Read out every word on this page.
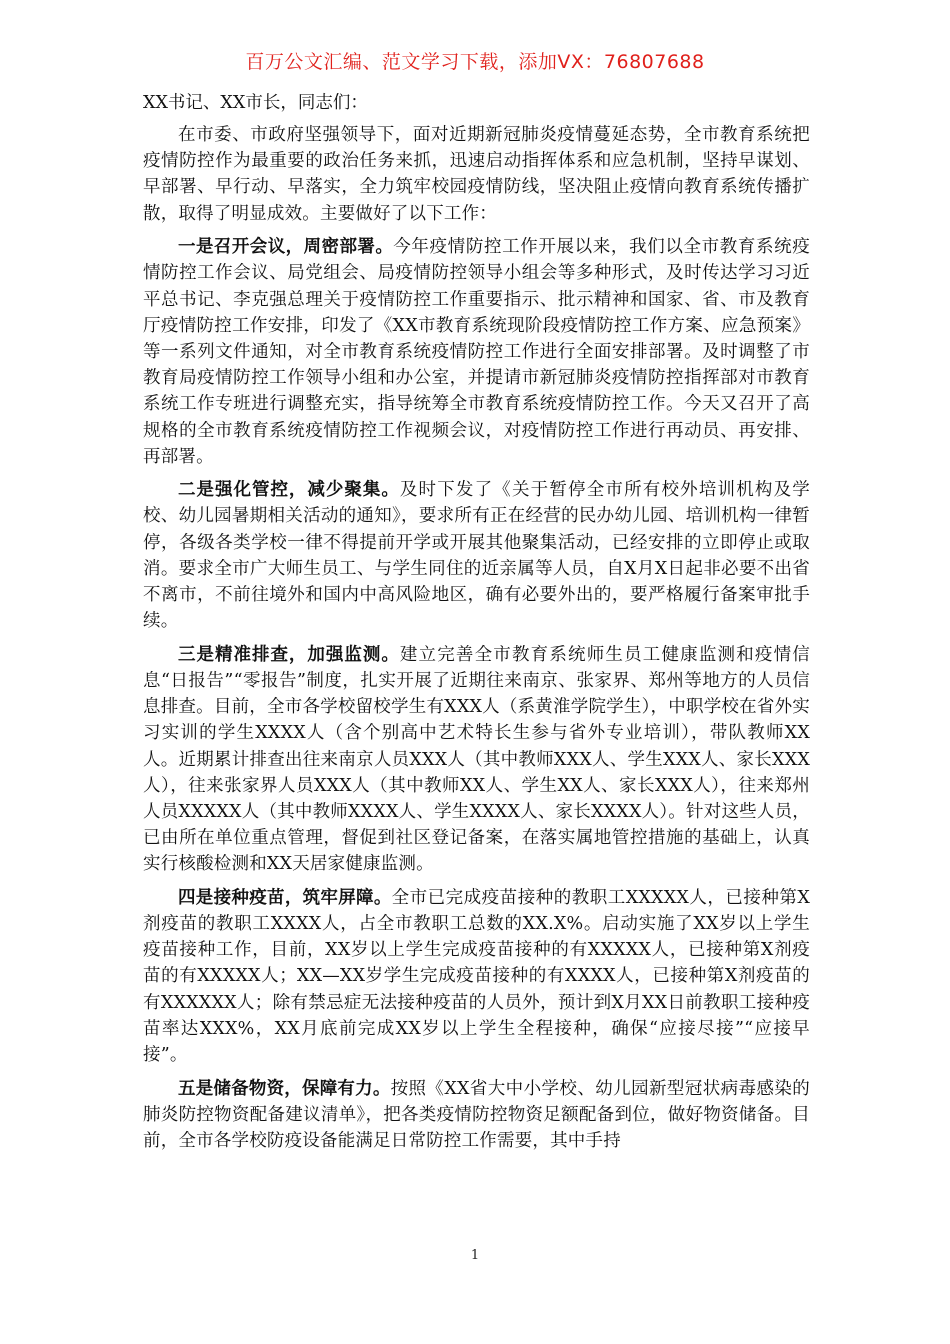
百万公文汇编、范文学习下载，添加VX：76807688
XX书记、XX市长，同志们：

在市委、市政府坚强领导下，面对近期新冠肺炎疫情蔓延态势，全市教育系统把疫情防控作为最重要的政治任务来抓，迅速启动指挥体系和应急机制，坚持早谋划、早部署、早行动、早落实，全力筑牢校园疫情防线，坚决阻止疫情向教育系统传播扩散，取得了明显成效。主要做好了以下工作：

一是召开会议，周密部署。今年疫情防控工作开展以来，我们以全市教育系统疫情防控工作会议、局党组会、局疫情防控领导小组会等多种形式，及时传达学习习近平总书记、李克强总理关于疫情防控工作重要指示、批示精神和国家、省、市及教育厅疫情防控工作安排，印发了《XX市教育系统现阶段疫情防控工作方案、应急预案》等一系列文件通知，对全市教育系统疫情防控工作进行全面安排部署。及时调整了市教育局疫情防控工作领导小组和办公室，并提请市新冠肺炎疫情防控指挥部对市教育系统工作专班进行调整充实，指导统筹全市教育系统疫情防控工作。今天又召开了高规格的全市教育系统疫情防控工作视频会议，对疫情防控工作进行再动员、再安排、再部署。

二是强化管控，减少聚集。及时下发了《关于暂停全市所有校外培训机构及学校、幼儿园暑期相关活动的通知》，要求所有正在经营的民办幼儿园、培训机构一律暂停，各级各类学校一律不得提前开学或开展其他聚集活动，已经安排的立即停止或取消。要求全市广大师生员工、与学生同住的近亲属等人员，自X月X日起非必要不出省不离市，不前往境外和国内中高风险地区，确有必要外出的，要严格履行备案审批手续。

三是精准排查，加强监测。建立完善全市教育系统师生员工健康监测和疫情信息“日报告”“零报告”制度，扎实开展了近期往来南京、张家界、郑州等地方的人员信息排查。目前，全市各学校留校学生有XXX人（系黄淮学院学生），中职学校在省外实习实训的学生XXXX人（含个别高中艺术特长生参与省外专业培训），带队教师XX人。近期累计排查出往来南京人员XXX人（其中教师XXX人、学生XXX人、家长XXX人），往来张家界人员XXX人（其中教师XX人、学生XX人、家长XXX人），往来郑州人员XXXXX人（其中教师XXXX人、学生XXXX人、家长XXXX人）。针对这些人员，已由所在单位重点管理，督促到社区登记备案，在落实属地管控措施的基础上，认真实行核酸检测和XX天居家健康监测。

四是接种疫苗，筑牢屏障。全市已完成疫苗接种的教职工XXXXX人，已接种第X剂疫苗的教职工XXXX人，占全市教职工总数的XX.X%。启动实施了XX岁以上学生疫苗接种工作，目前，XX岁以上学生完成疫苗接种的有XXXXX人，已接种第X剂疫苗的有XXXXX人；XX—XX岁学生完成疫苗接种的有XXXX人，已接种第X剂疫苗的有XXXXXX人；除有禁忌症无法接种疫苗的人员外，预计到X月XX日前教职工接种疫苗率达XXX%，XX月底前完成XX岁以上学生全程接种，确保“应接尽接”“应接早接”。

五是储备物资，保障有力。按照《XX省大中小学校、幼儿园新型冠状病毒感染的肺炎防控物资配备建议清单》，把各类疫情防控物资足额配备到位，做好物资储备。目前，全市各学校防疫设备能满足日常防控工作需要，其中手持

1
